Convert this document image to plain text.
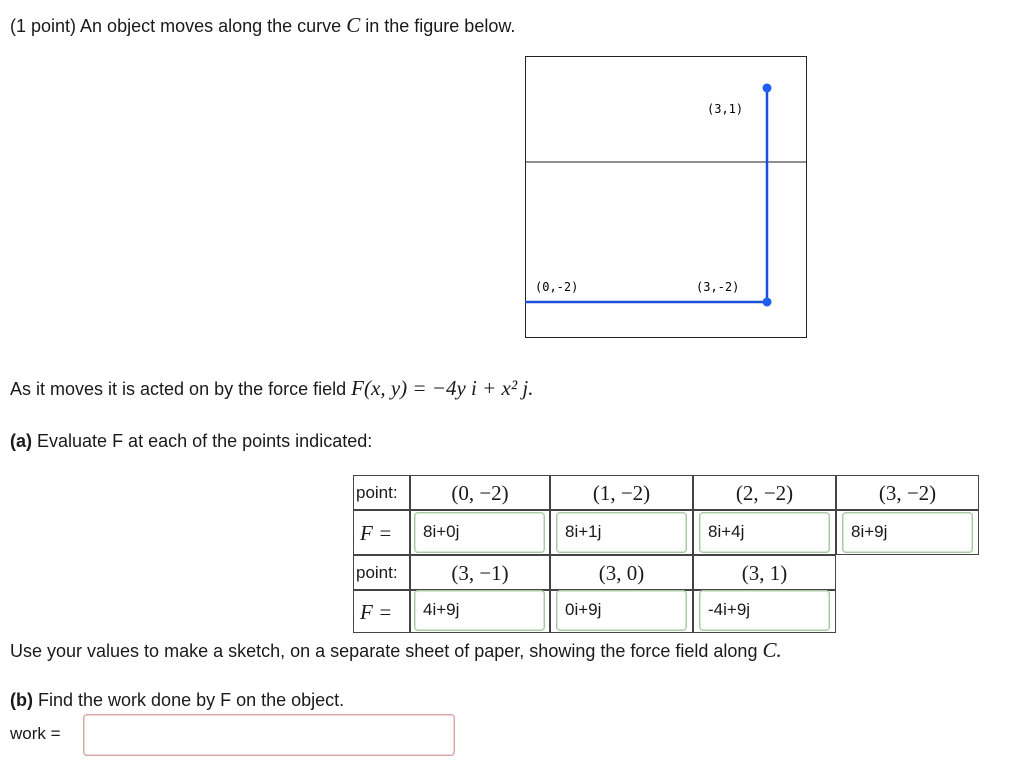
(1 point) An object moves along the curve C in the figure below.
(3,1)
(0,-2)	(3,-2)
As it moves it is acted on by the force field F(x, y) = −4y i + x² j.
(a) Evaluate F at each of the points indicated:
point:	(0, −2)	(1, −2)	(2, −2)	(3, −2)
F =	8i+0j	8i+1j	8i+4j	8i+9j
point:	(3, −1)	(3, 0)	(3, 1)
F =	4i+9j	0i+9j	-4i+9j
Use your values to make a sketch, on a separate sheet of paper, showing the force field along C.
(b) Find the work done by F on the object.
work =
